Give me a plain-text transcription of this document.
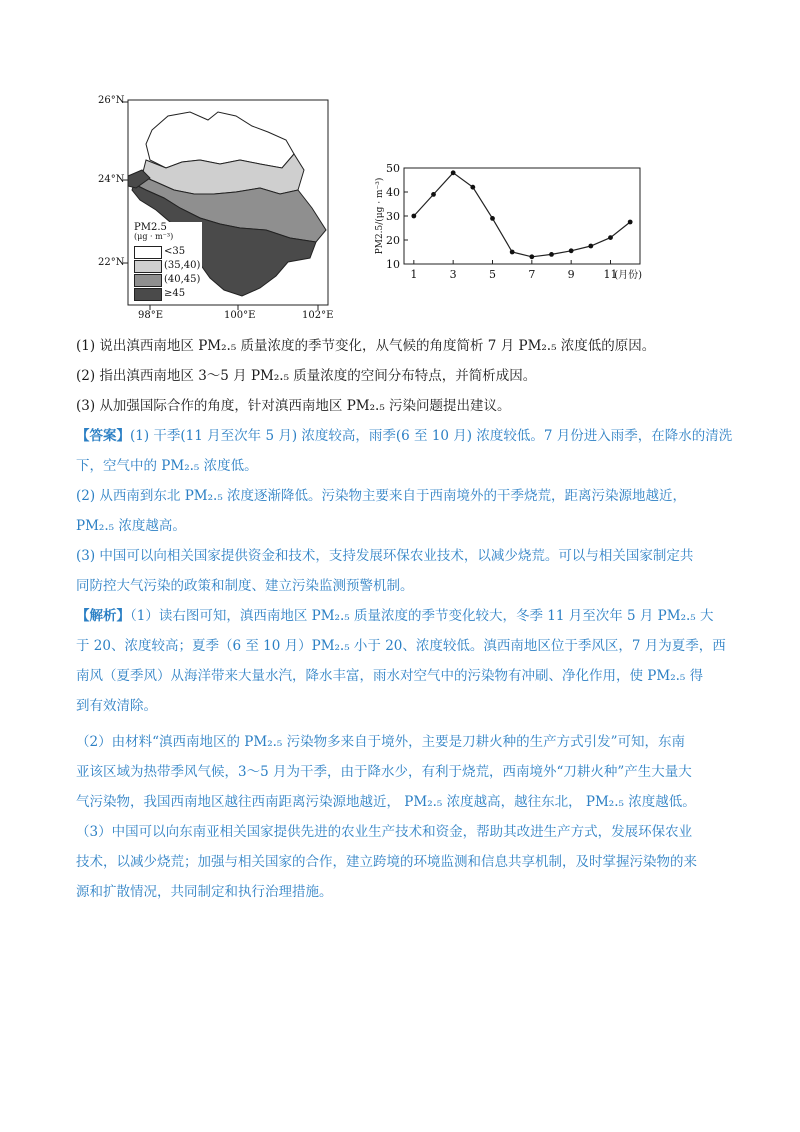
26°N
24°N
22°N
98°E	100°E	102°E
PM2.5
(μg · m⁻³)
<35
(35,40)
(40,45)
≥45
10
20
30
40
50
1	3	5	7	9	11
(月份)
PM2.5/(μg · m⁻³)
(1) 说出滇西南地区 PM₂.₅ 质量浓度的季节变化，从气候的角度简析 7 月 PM₂.₅ 浓度低的原因。
(2) 指出滇西南地区 3～5 月 PM₂.₅ 质量浓度的空间分布特点，并简析成因。
(3) 从加强国际合作的角度，针对滇西南地区 PM₂.₅ 污染问题提出建议。
【答案】(1) 干季(11 月至次年 5 月) 浓度较高，雨季(6 至 10 月) 浓度较低。7 月份进入雨季，在降水的清洗
下，空气中的 PM₂.₅ 浓度低。
(2) 从西南到东北 PM₂.₅ 浓度逐渐降低。污染物主要来自于西南境外的干季烧荒，距离污染源地越近，
PM₂.₅ 浓度越高。
(3) 中国可以向相关国家提供资金和技术，支持发展环保农业技术，以减少烧荒。可以与相关国家制定共
同防控大气污染的政策和制度、建立污染监测预警机制。
【解析】（1）读右图可知，滇西南地区 PM₂.₅ 质量浓度的季节变化较大，冬季 11 月至次年 5 月 PM₂.₅ 大
于 20、浓度较高；夏季（6 至 10 月）PM₂.₅ 小于 20、浓度较低。滇西南地区位于季风区，7 月为夏季，西
南风（夏季风）从海洋带来大量水汽，降水丰富，雨水对空气中的污染物有冲刷、净化作用，使 PM₂.₅ 得
到有效清除。
（2）由材料“滇西南地区的 PM₂.₅ 污染物多来自于境外，主要是刀耕火种的生产方式引发”可知，东南
亚该区域为热带季风气候，3～5 月为干季，由于降水少，有利于烧荒，西南境外“刀耕火种”产生大量大
气污染物，我国西南地区越往西南距离污染源地越近， PM₂.₅ 浓度越高，越往东北， PM₂.₅ 浓度越低。
（3）中国可以向东南亚相关国家提供先进的农业生产技术和资金，帮助其改进生产方式，发展环保农业
技术，以减少烧荒；加强与相关国家的合作，建立跨境的环境监测和信息共享机制，及时掌握污染物的来
源和扩散情况，共同制定和执行治理措施。
